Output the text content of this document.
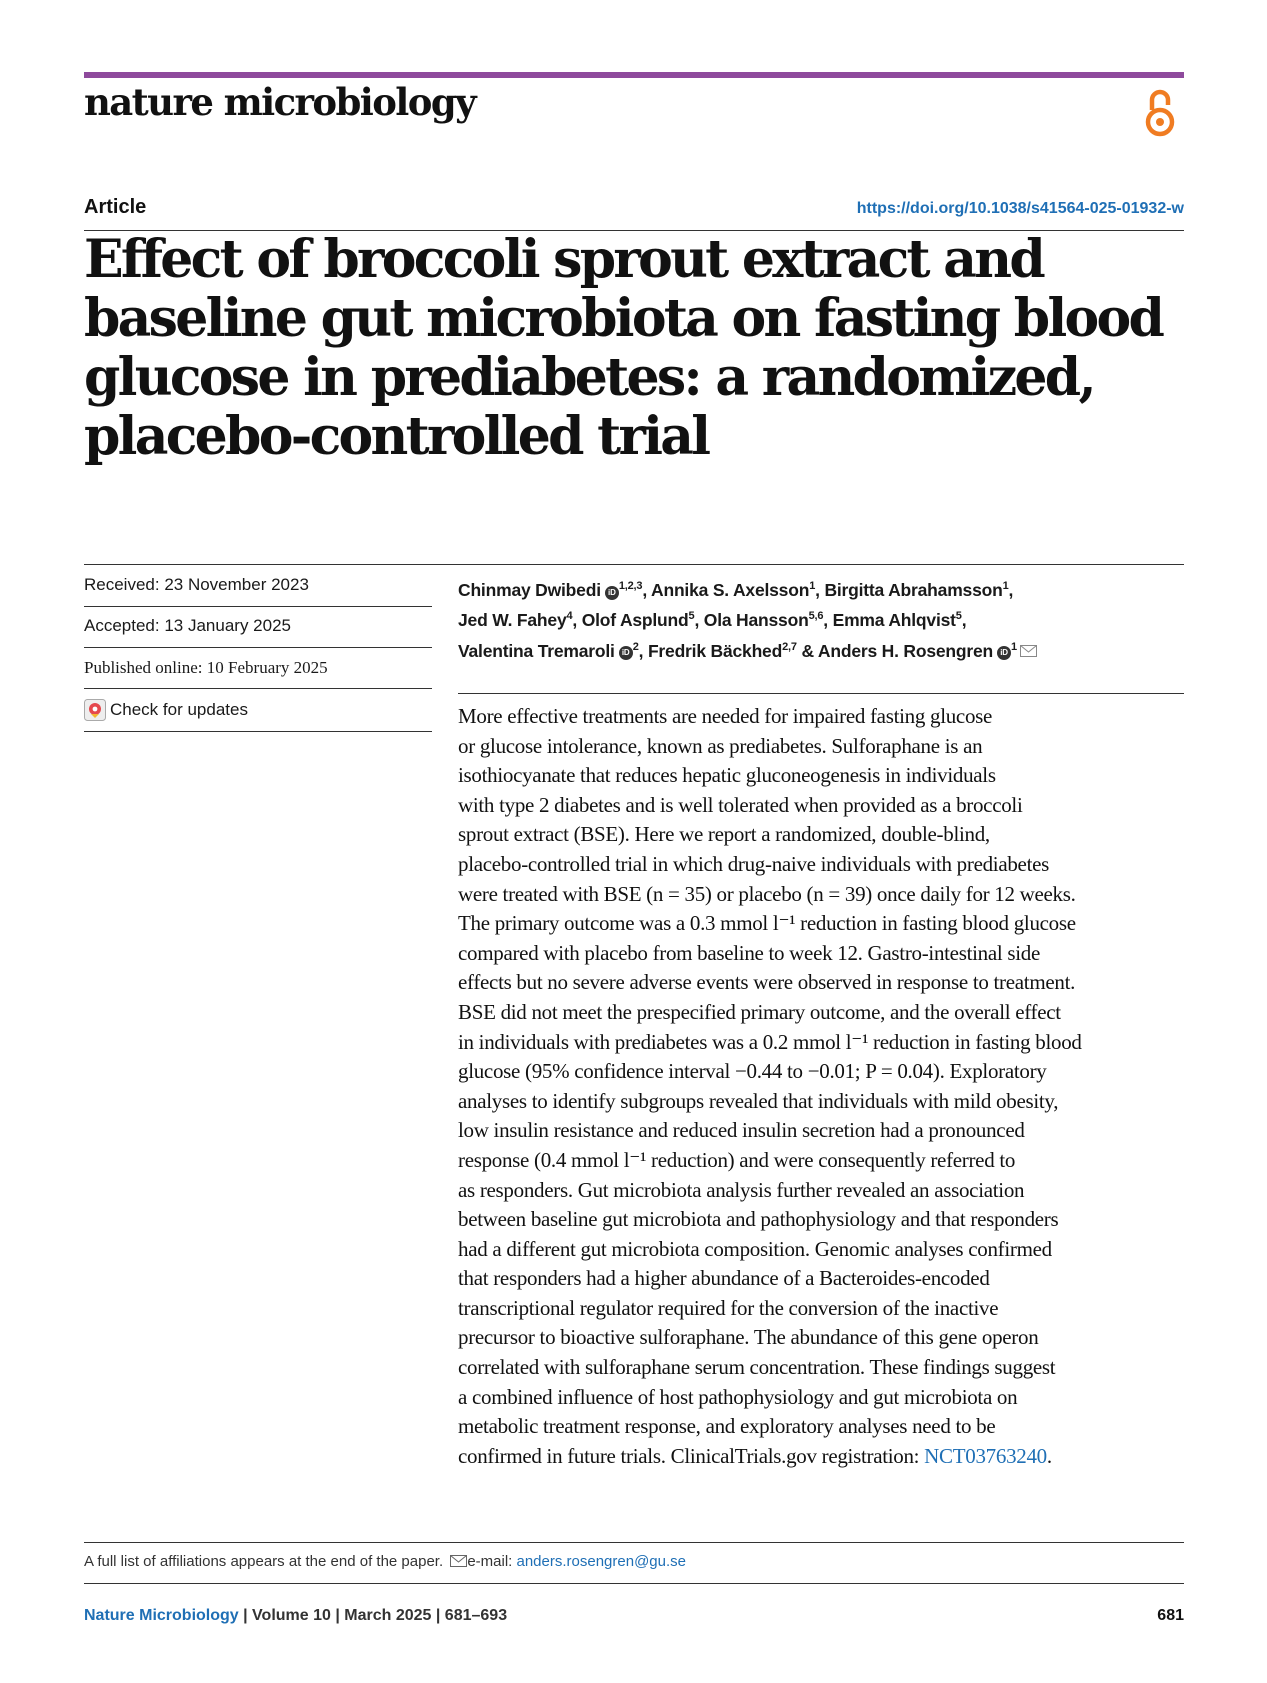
nature microbiology
Article	https://doi.org/10.1038/s41564-025-01932-w
Effect of broccoli sprout extract and baseline gut microbiota on fasting blood glucose in prediabetes: a randomized, placebo-controlled trial
Received: 23 November 2023
Accepted: 13 January 2025
Published online: 10 February 2025
Check for updates
Chinmay Dwibedi iD$^{1,2,3}$, Annika S. Axelsson$^1$, Birgitta Abrahamsson$^1$,
Jed W. Fahey$^4$, Olof Asplund$^5$, Ola Hansson$^{5,6}$, Emma Ahlqvist$^5$,
Valentina Tremaroli $iD^2$, Fredrik Bäckhed$^{2,7}$ & Anders H. Rosengren $iD^1$
More effective treatments are needed for impaired fasting glucose
or glucose intolerance, known as prediabetes. Sulforaphane is an
isothiocyanate that reduces hepatic gluconeogenesis in individuals
with type 2 diabetes and is well tolerated when provided as a broccoli
sprout extract (BSE). Here we report a randomized, double-blind,
placebo-controlled trial in which drug-naive individuals with prediabetes
were treated with BSE (n = 35) or placebo (n = 39) once daily for 12 weeks.
The primary outcome was a 0.3 mmol l⁻¹ reduction in fasting blood glucose
compared with placebo from baseline to week 12. Gastro-intestinal side
effects but no severe adverse events were observed in response to treatment.
BSE did not meet the prespecified primary outcome, and the overall effect
in individuals with prediabetes was a 0.2 mmol l⁻¹ reduction in fasting blood
glucose (95% confidence interval −0.44 to −0.01; P = 0.04). Exploratory
analyses to identify subgroups revealed that individuals with mild obesity,
low insulin resistance and reduced insulin secretion had a pronounced
response (0.4 mmol l⁻¹ reduction) and were consequently referred to
as responders. Gut microbiota analysis further revealed an association
between baseline gut microbiota and pathophysiology and that responders
had a different gut microbiota composition. Genomic analyses confirmed
that responders had a higher abundance of a Bacteroides-encoded
transcriptional regulator required for the conversion of the inactive
precursor to bioactive sulforaphane. The abundance of this gene operon
correlated with sulforaphane serum concentration. These findings suggest
a combined influence of host pathophysiology and gut microbiota on
metabolic treatment response, and exploratory analyses need to be
confirmed in future trials. ClinicalTrials.gov registration: NCT03763240.
A full list of affiliations appears at the end of the paper. e-mail: anders.rosengren@gu.se
Nature Microbiology | Volume 10 | March 2025 | 681–693	681
